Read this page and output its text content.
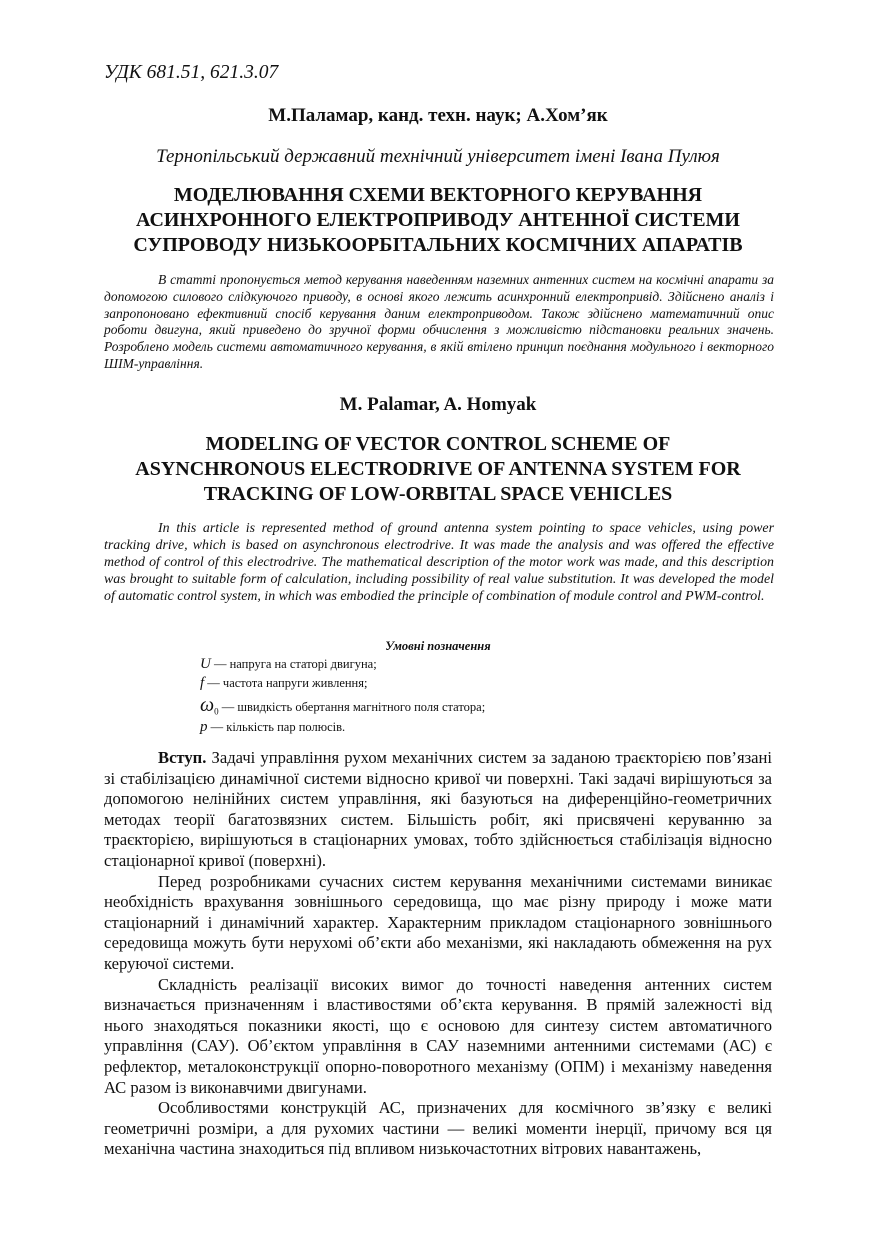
УДК 681.51, 621.3.07
М.Паламар, канд. техн. наук; А.Хом’як
Тернопільський державний технічний університет імені Івана Пулюя
МОДЕЛЮВАННЯ СХЕМИ ВЕКТОРНОГО КЕРУВАННЯ
АСИНХРОННОГО ЕЛЕКТРОПРИВОДУ АНТЕННОЇ СИСТЕМИ
СУПРОВОДУ НИЗЬКООРБІТАЛЬНИХ КОСМІЧНИХ АПАРАТІВ

В статті пропонується метод керування наведенням наземних антенних систем на космічні апарати за допомогою силового слідкуючого приводу, в основі якого лежить асинхронний електропривід. Здійснено аналіз і запропоновано ефективний спосіб керування даним електроприводом. Також здійснено математичний опис роботи двигуна, який приведено до зручної форми обчислення з можливістю підстановки реальних значень. Розроблено модель системи автоматичного керування, в якій втілено принцип поєднання модульного і векторного ШІМ-управління.

M. Palamar, A. Homyak
MODELING OF VECTOR CONTROL SCHEME OF
ASYNCHRONOUS ELECTRODRIVE OF ANTENNA SYSTEM FOR
TRACKING OF LOW-ORBITAL SPACE VEHICLES

In this article is represented method of ground antenna system pointing to space vehicles, using power tracking drive, which is based on asynchronous electrodrive. It was made the analysis and was offered the effective method of control of this electrodrive. The mathematical description of the motor work was made, and this description was brought to suitable form of calculation, including possibility of real value substitution. It was developed the model of automatic control system, in which was embodied the principle of combination of module control and PWM-control.

Умовні позначення
U — напруга на статорі двигуна;
f — частота напруги живлення;
$\omega_0$ — швидкість обертання магнітного поля статора;
p — кількість пар полюсів.

Вступ. Задачі управління рухом механічних систем за заданою траєкторією пов’язані зі стабілізацією динамічної системи відносно кривої чи поверхні. Такі задачі вирішуються за допомогою нелінійних систем управління, які базуються на диференційно-геометричних методах теорії багатозвязних систем. Більшість робіт, які присвячені керуванню за траєкторією, вирішуються в стаціонарних умовах, тобто здійснюється стабілізація відносно стаціонарної кривої (поверхні).

Перед розробниками сучасних систем керування механічними системами виникає необхідність врахування зовнішнього середовища, що має різну природу і може мати стаціонарний і динамічний характер. Характерним прикладом стаціонарного зовнішнього середовища можуть бути нерухомі об’єкти або механізми, які накладають обмеження на рух керуючої системи.

Складність реалізації високих вимог до точності наведення антенних систем визначається призначенням і властивостями об’єкта керування. В прямій залежності від нього знаходяться показники якості, що є основою для синтезу систем автоматичного управління (САУ). Об’єктом управління в САУ наземними антенними системами (АС) є рефлектор, металоконструкції опорно-поворотного механізму (ОПМ) і механізму наведення АС разом із виконавчими двигунами.

Особливостями конструкцій АС, призначених для космічного зв’язку є великі геометричні розміри, а для рухомих частини — великі моменти інерції, причому вся ця механічна частина знаходиться під впливом низькочастотних вітрових навантажень,
